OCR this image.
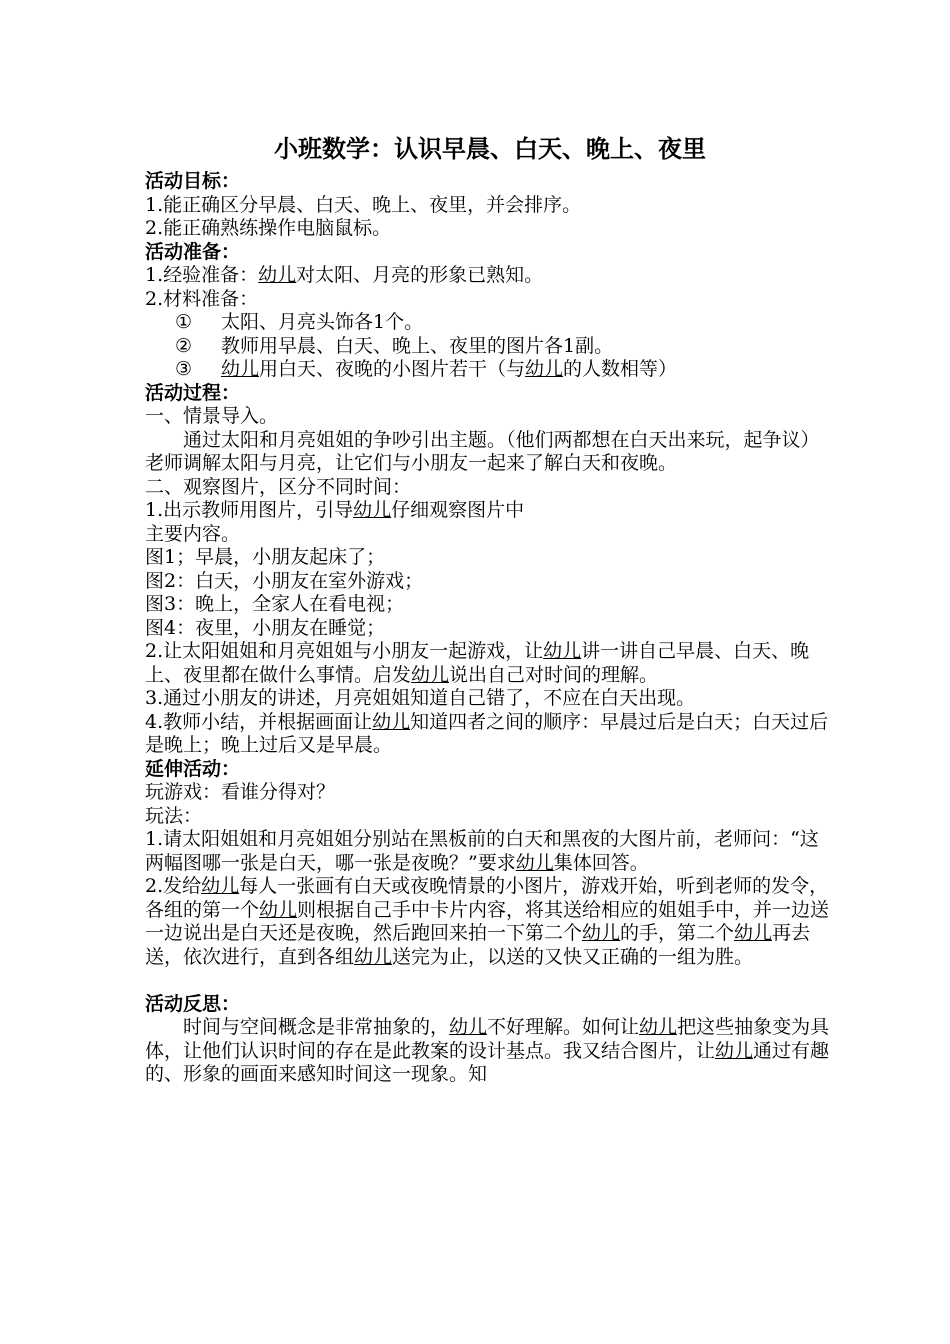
小班数学：认识早晨、白天、晚上、夜里
活动目标：

1.能正确区分早晨、白天、晚上、夜里，并会排序。

2.能正确熟练操作电脑鼠标。

活动准备：

1.经验准备：幼儿对太阳、月亮的形象已熟知。

2.材料准备：

① 太阳、月亮头饰各1个。

② 教师用早晨、白天、晚上、夜里的图片各1副。

③ 幼儿用白天、夜晚的小图片若干（与幼儿的人数相等）

活动过程：

一、情景导入。

通过太阳和月亮姐姐的争吵引出主题。（他们两都想在白天出来玩，起争议）老师调解太阳与月亮，让它们与小朋友一起来了解白天和夜晚。

二、观察图片，区分不同时间：

1.出示教师用图片，引导幼儿仔细观察图片中

主要内容。

图1；早晨，小朋友起床了；

图2：白天，小朋友在室外游戏；

图3：晚上，全家人在看电视；

图4：夜里，小朋友在睡觉；

2.让太阳姐姐和月亮姐姐与小朋友一起游戏，让幼儿讲一讲自己早晨、白天、晚上、夜里都在做什么事情。启发幼儿说出自己对时间的理解。

3.通过小朋友的讲述，月亮姐姐知道自己错了，不应在白天出现。

4.教师小结，并根据画面让幼儿知道四者之间的顺序：早晨过后是白天；白天过后是晚上；晚上过后又是早晨。

延伸活动：

玩游戏：看谁分得对？

玩法：

1.请太阳姐姐和月亮姐姐分别站在黑板前的白天和黑夜的大图片前，老师问：“这两幅图哪一张是白天，哪一张是夜晚？”要求幼儿集体回答。

2.发给幼儿每人一张画有白天或夜晚情景的小图片，游戏开始，听到老师的发令，各组的第一个幼儿则根据自己手中卡片内容，将其送给相应的姐姐手中，并一边送一边说出是白天还是夜晚，然后跑回来拍一下第二个幼儿的手，第二个幼儿再去送，依次进行，直到各组幼儿送完为止，以送的又快又正确的一组为胜。

活动反思：

时间与空间概念是非常抽象的，幼儿不好理解。如何让幼儿把这些抽象变为具体，让他们认识时间的存在是此教案的设计基点。我又结合图片，让幼儿通过有趣的、形象的画面来感知时间这一现象。知
